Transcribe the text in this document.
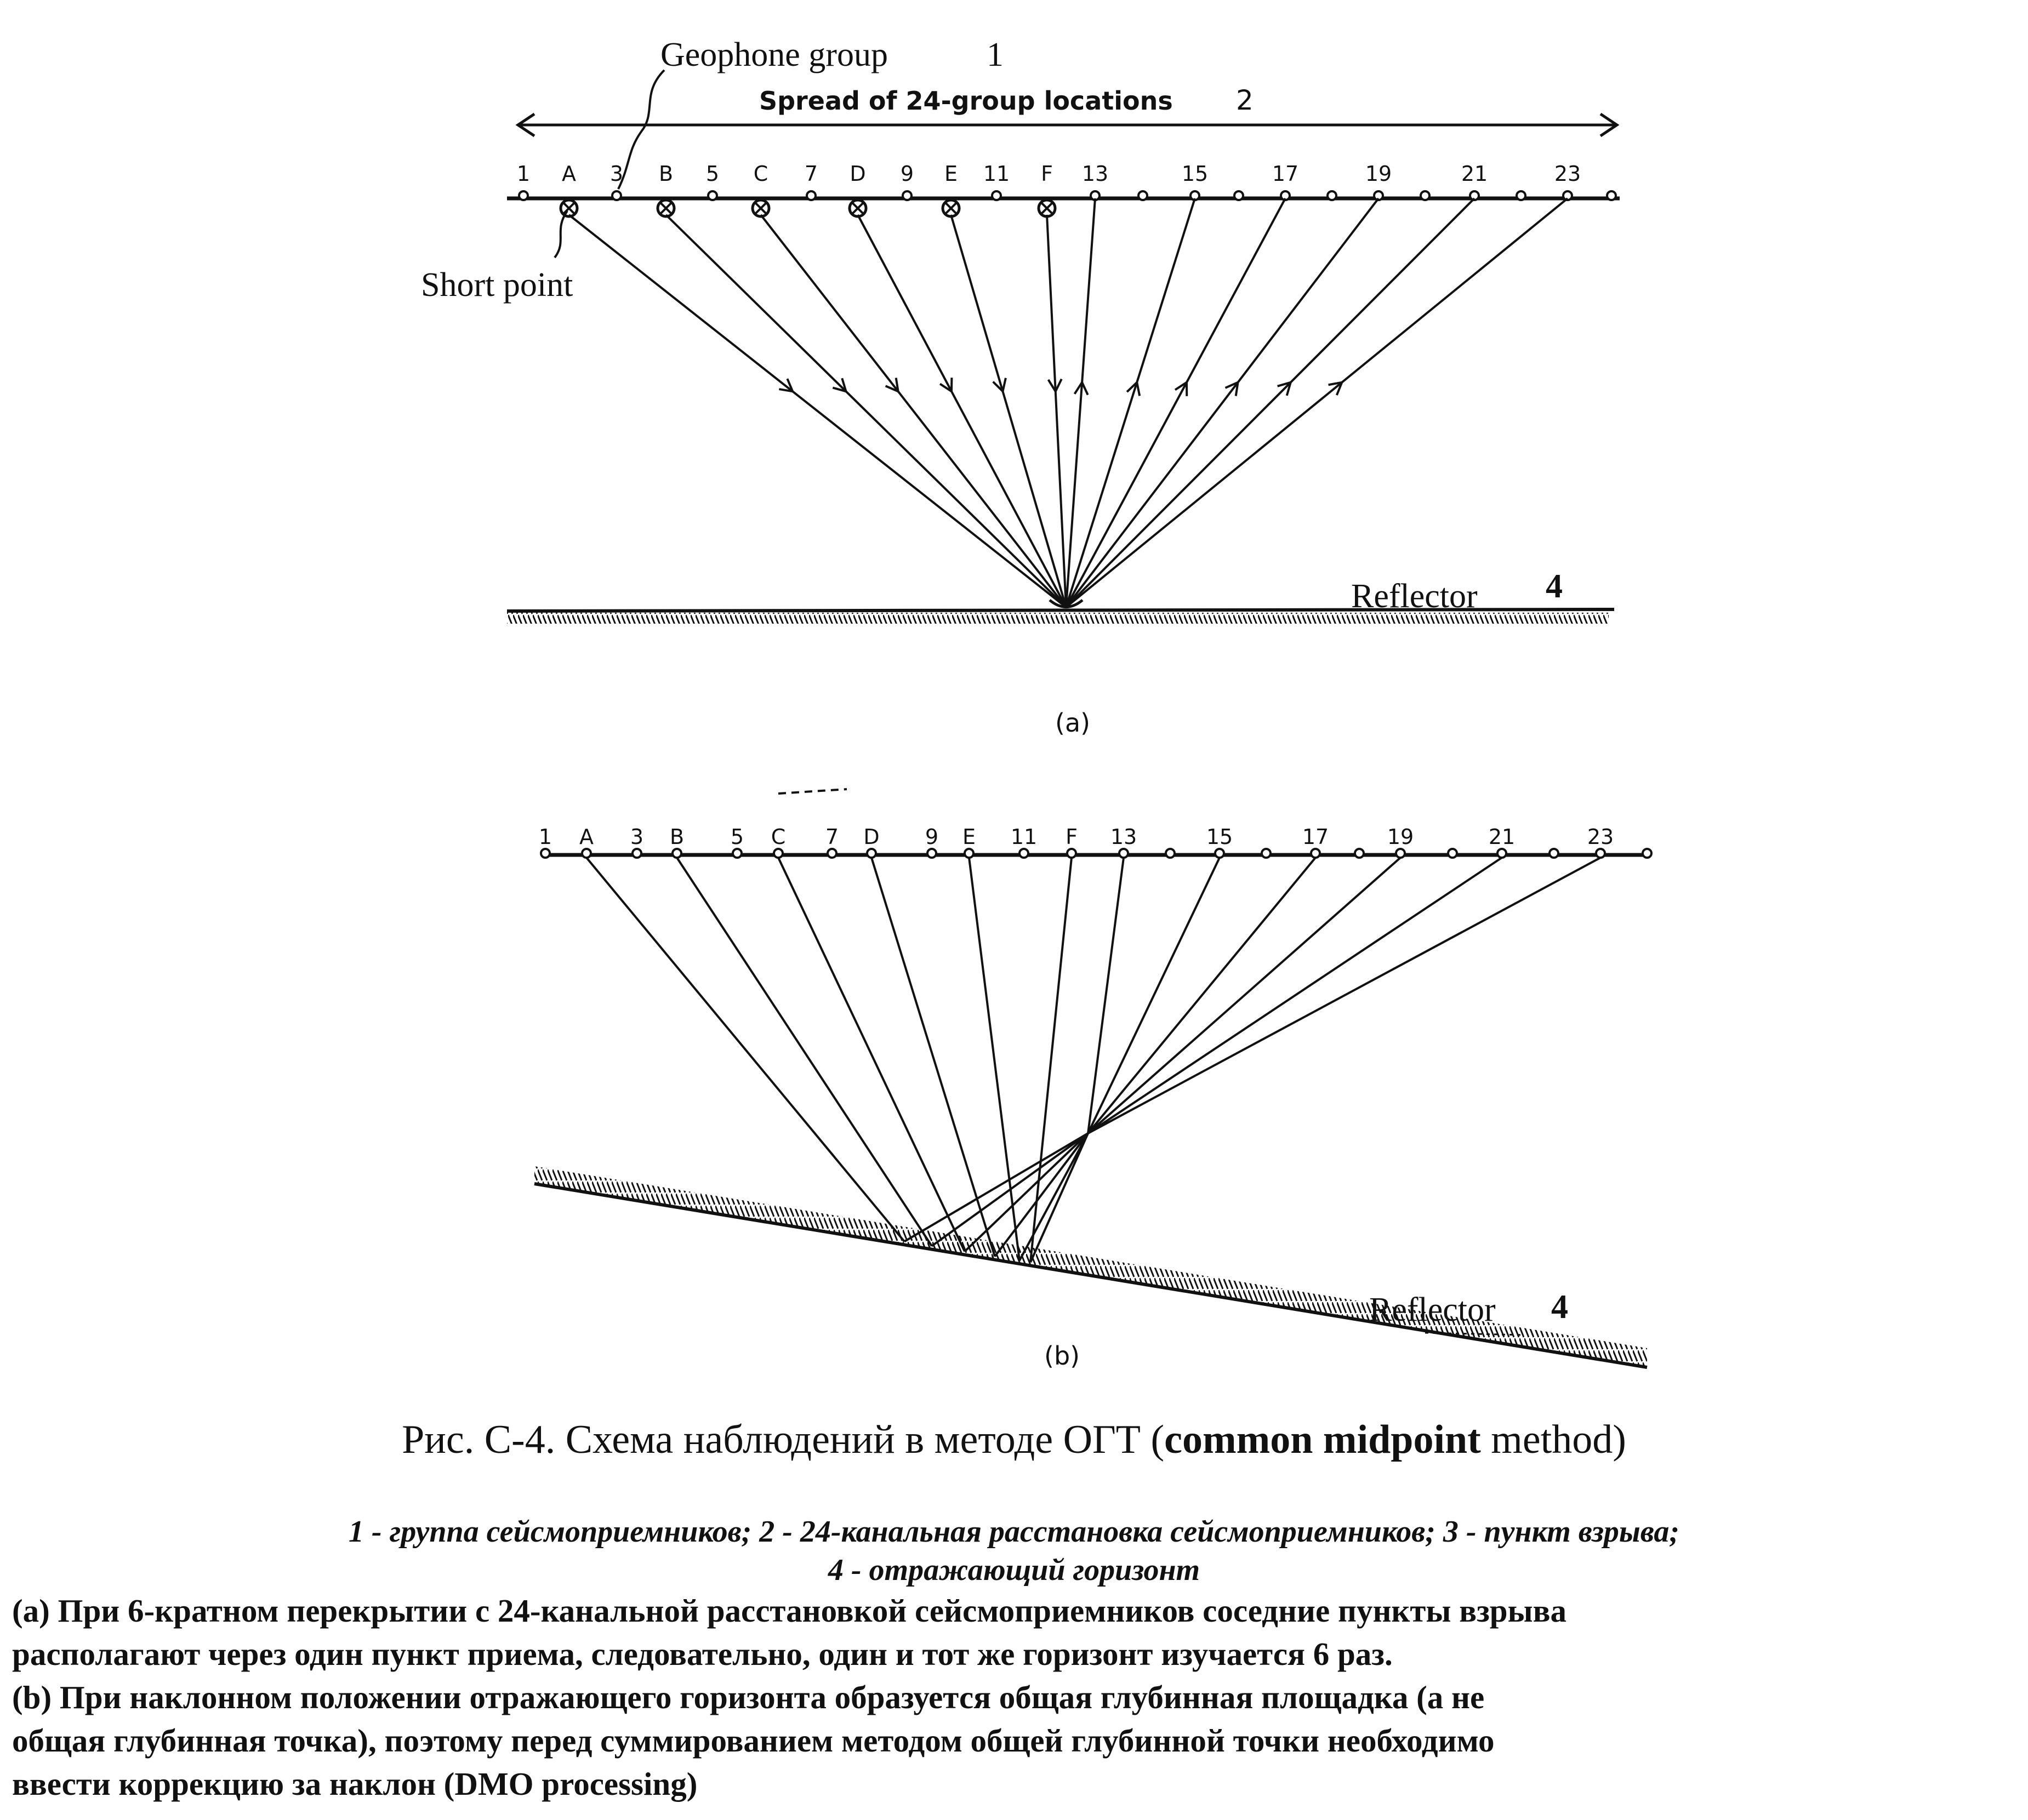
Geophone group	1
Spread of 24-group locations 2
1 A 3 B 5 C 7 D 9 E 11 F 13	15	17	19	21	23
Short point
Reflector 4
(a)
1 A 3 B 5 C 7 D 9 E 11 F 13	15	17	19	21	23
Reflector 4
(b)
Рис. С-4. Схема наблюдений в методе ОГТ (common midpoint method)
1 - группа сейсмоприемников; 2 - 24-канальная расстановка сейсмоприемников; 3 - пункт взрыва;
4 - отражающий горизонт

(a) При 6-кратном перекрытии с 24-канальной расстановкой сейсмоприемников соседние пункты взрыва

располагают через один пункт приема, следовательно, один и тот же горизонт изучается 6 раз.

(b) При наклонном положении отражающего горизонта образуется общая глубинная площадка (а не

общая глубинная точка), поэтому перед суммированием методом общей глубинной точки необходимо

ввести коррекцию за наклон (DMO processing)
